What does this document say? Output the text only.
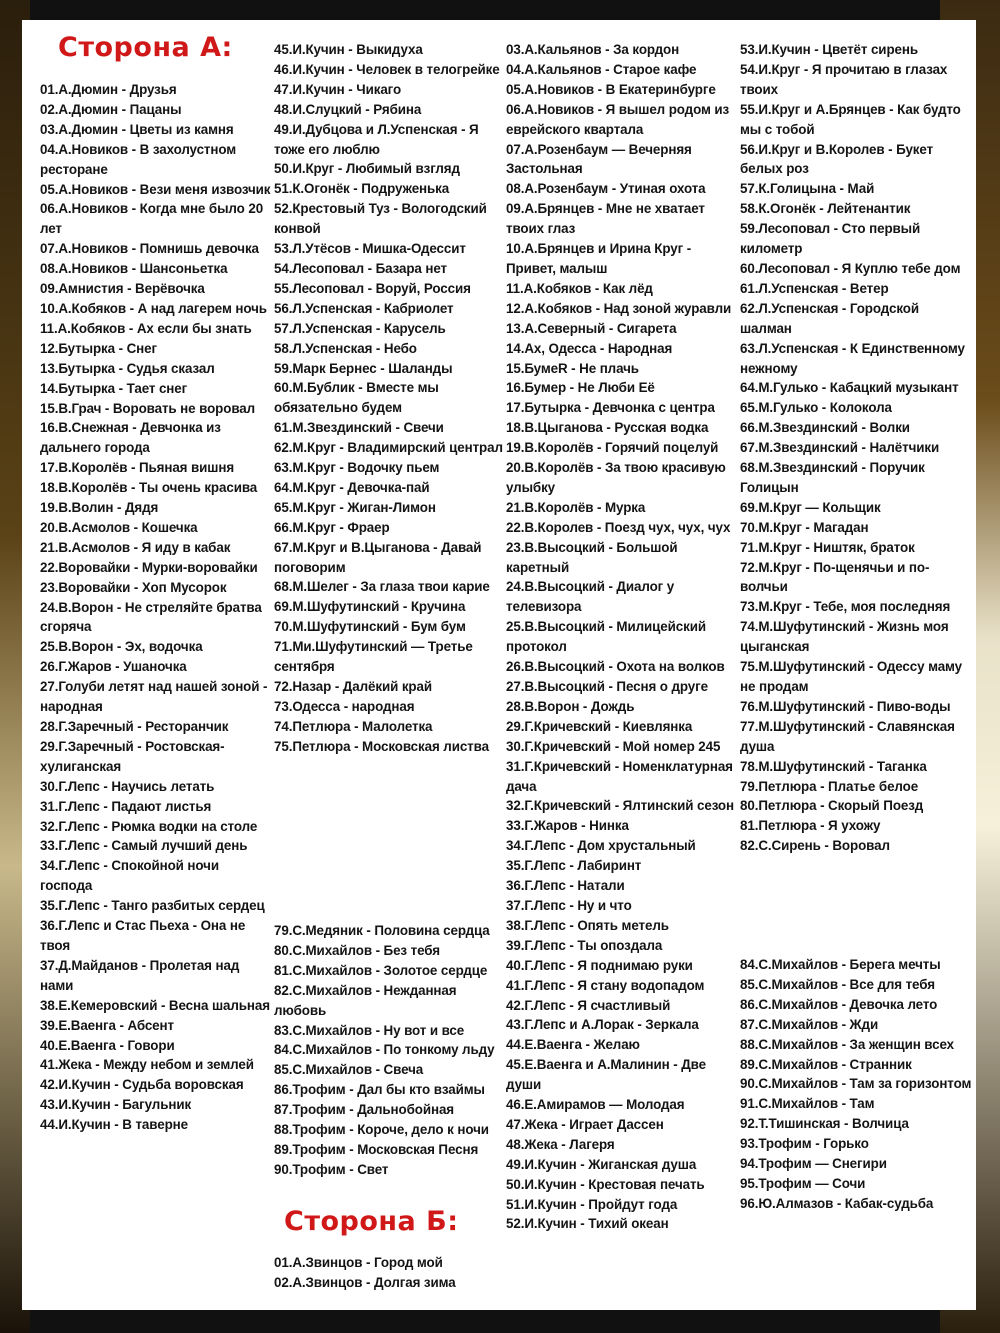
Сторона А:

01.А.Дюмин - Друзья

02.А.Дюмин - Пацаны

03.А.Дюмин - Цветы из камня

04.А.Новиков - В захолустном ресторане

05.А.Новиков - Вези меня извозчик

06.А.Новиков - Когда мне было 20 лет

07.А.Новиков - Помнишь девочка

08.А.Новиков - Шансоньетка

09.Амнистия - Верёвочка

10.А.Кобяков - А над лагерем ночь

11.А.Кобяков - Ах если бы знать

12.Бутырка - Снег

13.Бутырка - Судья сказал

14.Бутырка - Тает снег

15.В.Грач - Воровать не воровал

16.В.Снежная - Девчонка из дальнего города

17.В.Королёв - Пьяная вишня

18.В.Королёв - Ты очень красива

19.В.Волин - Дядя

20.В.Асмолов - Кошечка

21.В.Асмолов - Я иду в кабак

22.Воровайки - Мурки-воровайки

23.Воровайки - Хоп Мусорок

24.В.Ворон - Не стреляйте братва сгоряча

25.В.Ворон - Эх, водочка

26.Г.Жаров - Ушаночка

27.Голуби летят над нашей зоной - народная

28.Г.Заречный - Ресторанчик

29.Г.Заречный - Ростовская-хулиганская

30.Г.Лепс - Научись летать

31.Г.Лепс - Падают листья

32.Г.Лепс - Рюмка водки на столе

33.Г.Лепс - Самый лучший день

34.Г.Лепс - Спокойной ночи господа

35.Г.Лепс - Танго разбитых сердец

36.Г.Лепс и Стас Пьеха - Она не твоя

37.Д.Майданов - Пролетая над нами

38.Е.Кемеровский - Весна шальная

39.Е.Ваенга - Абсент

40.Е.Ваенга - Говори

41.Жека - Между небом и землей

42.И.Кучин - Судьба воровская

43.И.Кучин - Багульник

44.И.Кучин - В таверне

45.И.Кучин - Выкидуха

46.И.Кучин - Человек в телогрейке

47.И.Кучин - Чикаго

48.И.Слуцкий - Рябина

49.И.Дубцова и Л.Успенская - Я тоже его люблю

50.И.Круг - Любимый взгляд

51.К.Огонёк - Подруженька

52.Крестовый Туз - Вологодский конвой

53.Л.Утёсов - Мишка-Одессит

54.Лесоповал - Базара нет

55.Лесоповал - Воруй, Россия

56.Л.Успенская - Кабриолет

57.Л.Успенская - Карусель

58.Л.Успенская - Небо

59.Марк Бернес - Шаланды

60.М.Бублик - Вместе мы обязательно будем

61.М.Звездинский - Свечи

62.М.Круг - Владимирский централ

63.М.Круг - Водочку пьем

64.М.Круг - Девочка-пай

65.М.Круг - Жиган-Лимон

66.М.Круг - Фраер

67.М.Круг и В.Цыганова - Давай поговорим

68.М.Шелег - За глаза твои карие

69.М.Шуфутинский - Кручина

70.М.Шуфутинский - Бум бум

71.Ми.Шуфутинский — Третье сентября

72.Назар - Далёкий край

73.Одесса - народная

74.Петлюра - Малолетка

75.Петлюра - Московская листва

79.С.Медяник - Половина сердца

80.С.Михайлов - Без тебя

81.С.Михайлов - Золотое сердце

82.С.Михайлов - Нежданная любовь

83.С.Михайлов - Ну вот и все

84.С.Михайлов - По тонкому льду

85.С.Михайлов - Свеча

86.Трофим - Дал бы кто взаймы

87.Трофим - Дальнобойная

88.Трофим - Короче, дело к ночи

89.Трофим - Московская Песня

90.Трофим - Свет

Сторона Б:

01.А.Звинцов - Город мой

02.А.Звинцов - Долгая зима

03.А.Кальянов - За кордон

04.А.Кальянов - Старое кафе

05.А.Новиков - В Екатеринбурге

06.А.Новиков - Я вышел родом из еврейского квартала

07.А.Розенбаум — Вечерняя Застольная

08.А.Розенбаум - Утиная охота

09.А.Брянцев - Мне не хватает твоих глаз

10.А.Брянцев и Ирина Круг - Привет, малыш

11.А.Кобяков - Как лёд

12.А.Кобяков - Над зоной журавли

13.А.Северный - Сигарета

14.Ах, Одесса - Народная

15.БумеR - Не плачь

16.Бумер - Не Люби Её

17.Бутырка - Девчонка с центра

18.В.Цыганова - Русская водка

19.В.Королёв - Горячий поцелуй

20.В.Королёв - За твою красивую улыбку

21.В.Королёв - Мурка

22.В.Королев - Поезд чух, чух, чух

23.В.Высоцкий - Большой каретный

24.В.Высоцкий - Диалог у телевизора

25.В.Высоцкий - Милицейский протокол

26.В.Высоцкий - Охота на волков

27.В.Высоцкий - Песня о друге

28.В.Ворон - Дождь

29.Г.Кричевский - Киевлянка

30.Г.Кричевский - Мой номер 245

31.Г.Кричевский - Номенклатурная дача

32.Г.Кричевский - Ялтинский сезон

33.Г.Жаров - Нинка

34.Г.Лепс - Дом хрустальный

35.Г.Лепс - Лабиринт

36.Г.Лепс - Натали

37.Г.Лепс - Ну и что

38.Г.Лепс - Опять метель

39.Г.Лепс - Ты опоздала

40.Г.Лепс - Я поднимаю руки

41.Г.Лепс - Я стану водопадом

42.Г.Лепс - Я счастливый

43.Г.Лепс и А.Лорак - Зеркала

44.Е.Ваенга - Желаю

45.Е.Ваенга и А.Малинин - Две души

46.Е.Амирамов — Молодая

47.Жека - Играет Дассен

48.Жека - Лагеря

49.И.Кучин - Жиганская душа

50.И.Кучин - Крестовая печать

51.И.Кучин - Пройдут года

52.И.Кучин - Тихий океан

53.И.Кучин - Цветёт сирень

54.И.Круг - Я прочитаю в глазах твоих

55.И.Круг и А.Брянцев - Как будто мы с тобой

56.И.Круг и В.Королев - Букет белых роз

57.К.Голицына - Май

58.К.Огонёк - Лейтенантик

59.Лесоповал - Сто первый километр

60.Лесоповал - Я Куплю тебе дом

61.Л.Успенская - Ветер

62.Л.Успенская - Городской шалман

63.Л.Успенская - К Единственному нежному

64.М.Гулько - Кабацкий музыкант

65.М.Гулько - Колокола

66.М.Звездинский - Волки

67.М.Звездинский - Налётчики

68.М.Звездинский - Поручик Голицын

69.М.Круг — Кольщик

70.М.Круг - Магадан

71.М.Круг - Ништяк, браток

72.М.Круг - По-щенячьи и по-волчьи

73.М.Круг - Тебе, моя последняя

74.М.Шуфутинский - Жизнь моя цыганская

75.М.Шуфутинский - Одессу маму не продам

76.М.Шуфутинский - Пиво-воды

77.М.Шуфутинский - Славянская душа

78.М.Шуфутинский - Таганка

79.Петлюра - Платье белое

80.Петлюра - Скорый Поезд

81.Петлюра - Я ухожу

82.С.Сирень - Воровал

84.С.Михайлов - Берега мечты

85.С.Михайлов - Все для тебя

86.С.Михайлов - Девочка лето

87.С.Михайлов - Жди

88.С.Михайлов - За женщин всех

89.С.Михайлов - Странник

90.С.Михайлов - Там за горизонтом

91.С.Михайлов - Там

92.Т.Тишинская - Волчица

93.Трофим - Горько

94.Трофим — Снегири

95.Трофим — Сочи

96.Ю.Алмазов - Кабак-судьба
